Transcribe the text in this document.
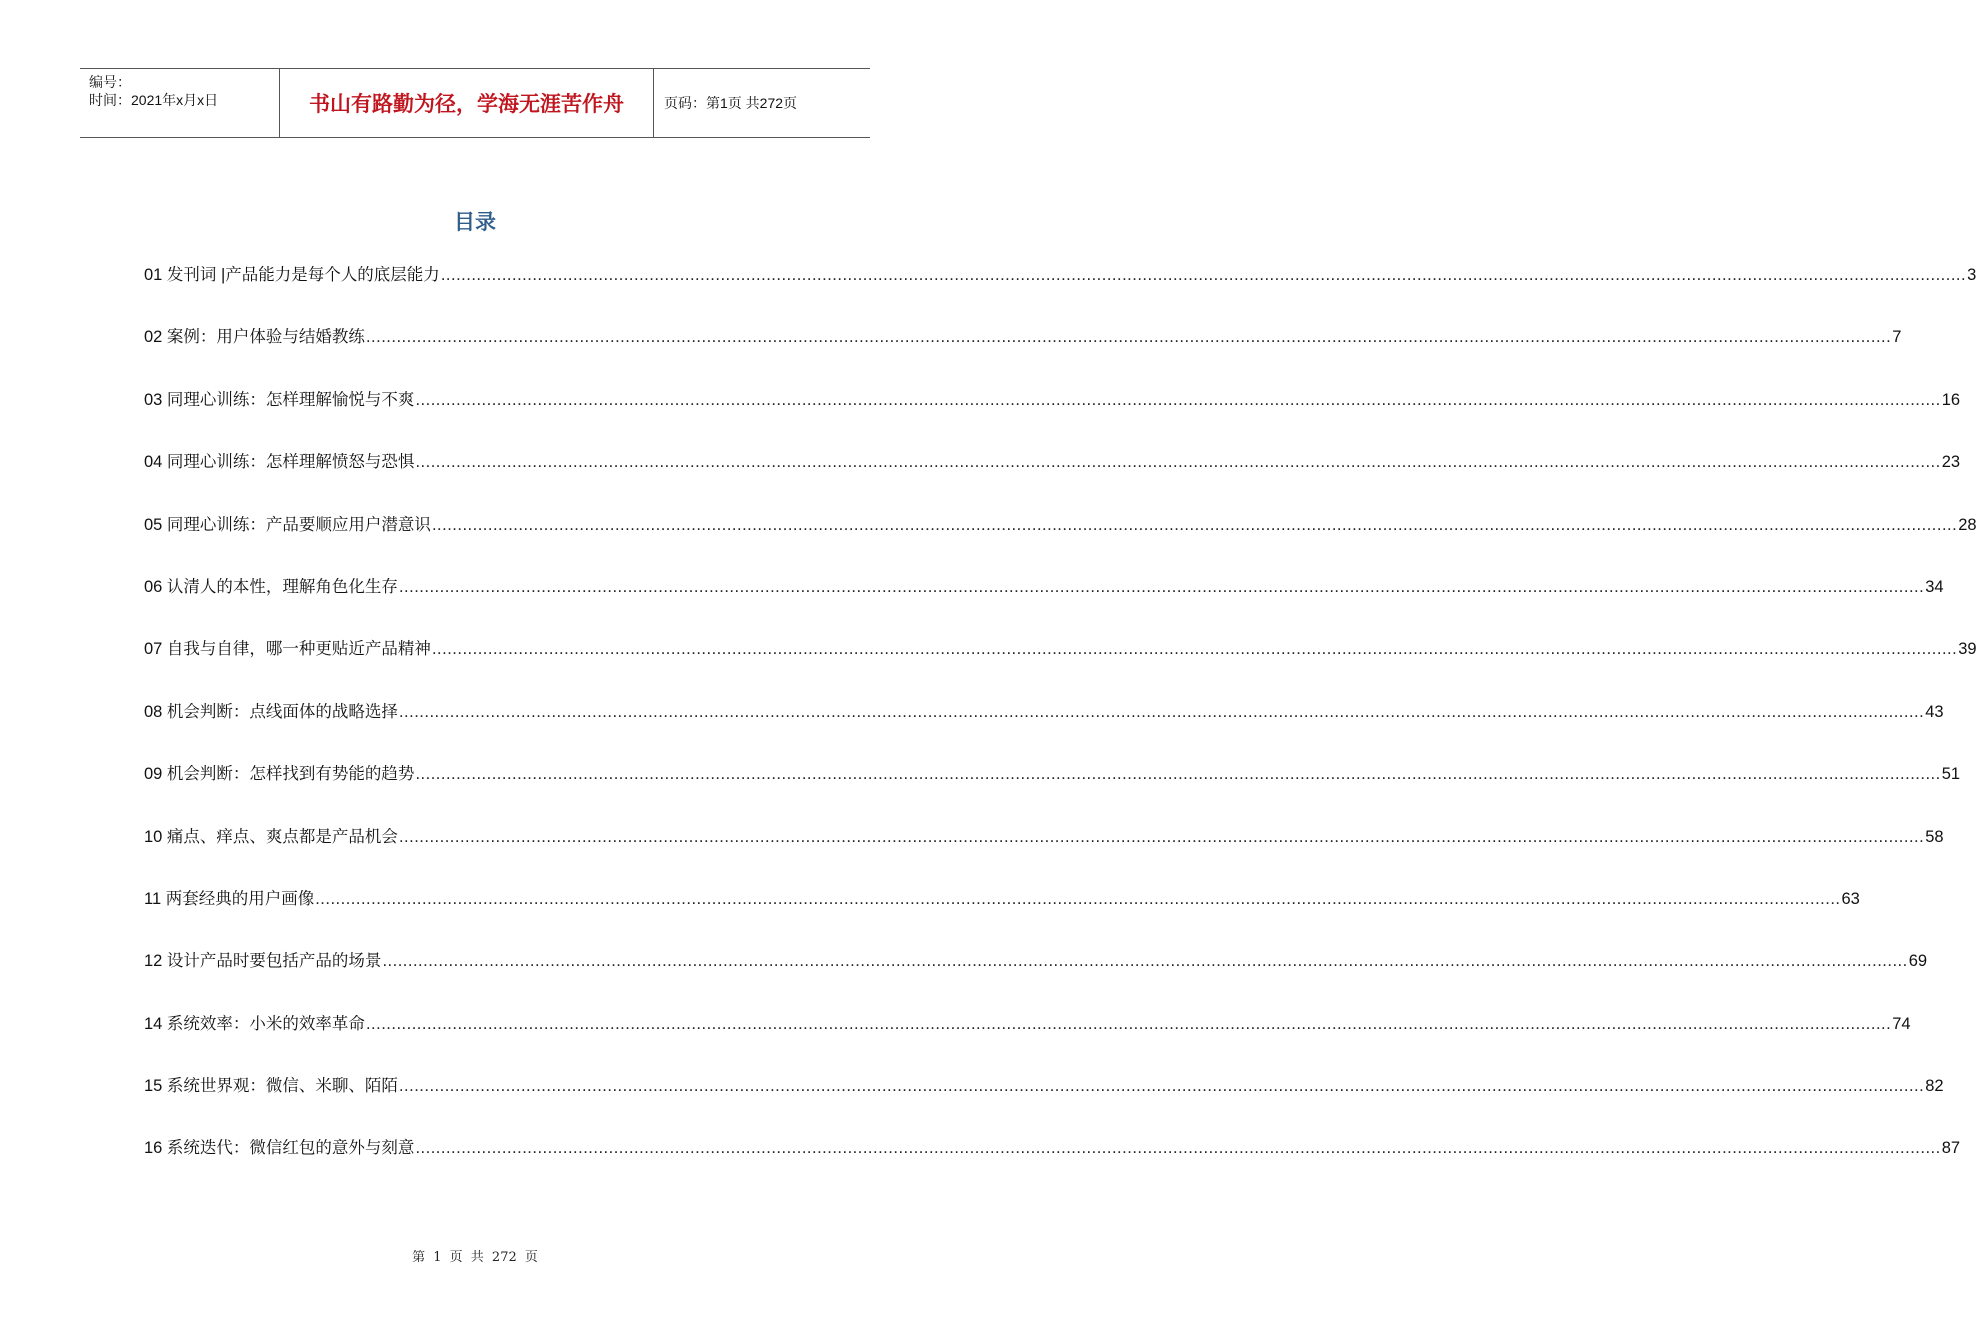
编号：
时间：2021年x月x日	书山有路勤为径，学海无涯苦作舟	页码：第1页 共272页
目录
01 发刊词 |产品能力是每个人的底层能力 ............................................................................................................................................................................................................................................................................................................ 3
02 案例：用户体验与结婚教练 ............................................................................................................................................................................................................................................................................................................ 7
03 同理心训练：怎样理解愉悦与不爽 ............................................................................................................................................................................................................................................................................................................ 16
04 同理心训练：怎样理解愤怒与恐惧 ............................................................................................................................................................................................................................................................................................................ 23
05 同理心训练：产品要顺应用户潜意识 ............................................................................................................................................................................................................................................................................................................ 28
06 认清人的本性，理解角色化生存 ............................................................................................................................................................................................................................................................................................................ 34
07 自我与自律，哪一种更贴近产品精神 ............................................................................................................................................................................................................................................................................................................ 39
08 机会判断：点线面体的战略选择 ............................................................................................................................................................................................................................................................................................................ 43
09 机会判断：怎样找到有势能的趋势 ............................................................................................................................................................................................................................................................................................................ 51
10 痛点、痒点、爽点都是产品机会 ............................................................................................................................................................................................................................................................................................................ 58
11 两套经典的用户画像 ............................................................................................................................................................................................................................................................................................................ 63
12 设计产品时要包括产品的场景 ............................................................................................................................................................................................................................................................................................................ 69
14 系统效率：小米的效率革命 ............................................................................................................................................................................................................................................................................................................ 74
15 系统世界观：微信、米聊、陌陌 ............................................................................................................................................................................................................................................................................................................ 82
16 系统迭代：微信红包的意外与刻意 ............................................................................................................................................................................................................................................................................................................ 87
第 1 页 共 272 页
